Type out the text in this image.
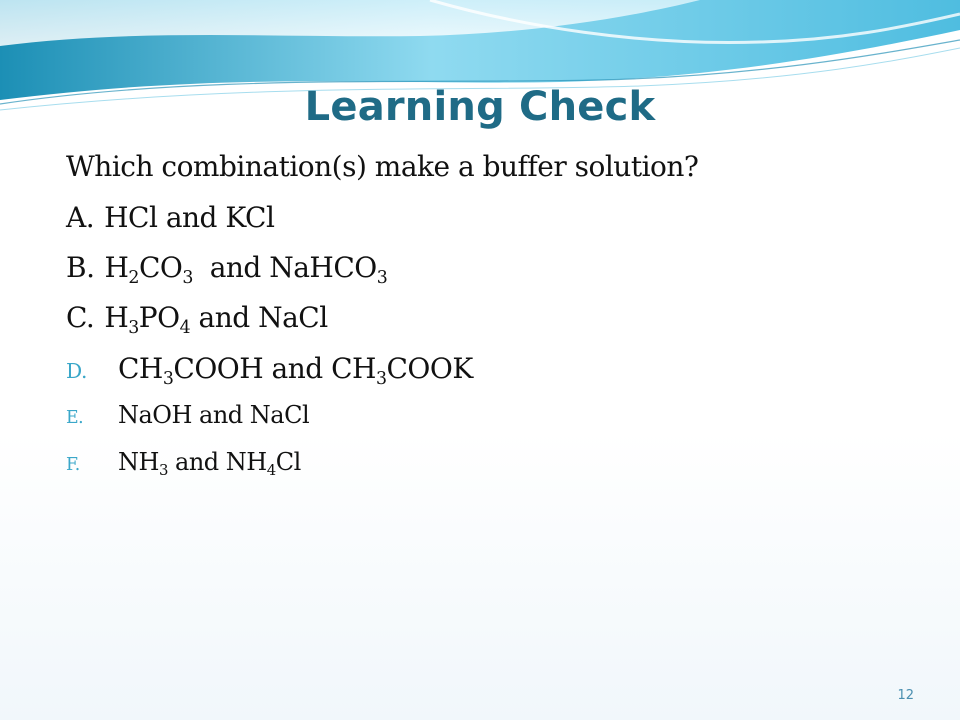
Learning Check
Which combination(s) make a buffer solution?
A. HCl and KCl
B. $H_2CO_3$  and NaHCO$_3$
C. $H_3PO_4$ and NaCl
D. $CH_3COOH$ and $CH_3COOK$
E. NaOH and NaCl
F. $NH_3$ and $NH_4Cl$
12
